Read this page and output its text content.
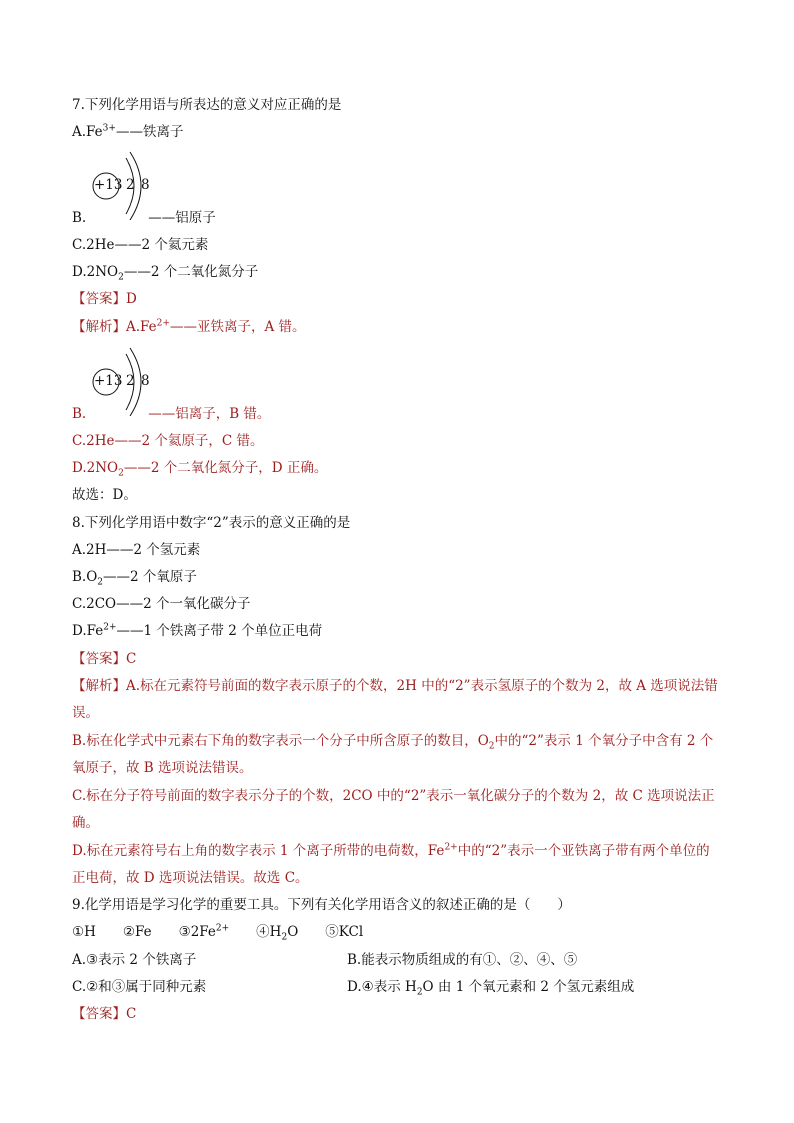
7.下列化学用语与所表达的意义对应正确的是
$A.Fe^{3+}——$铁离子
+13 2 8
B.	——铝原子
C.2He——2 个氦元素
$D.2NO_2——2$ 个二氧化氮分子
【答案】D
【解析】$A.Fe^{2+}——$亚铁离子，A 错。
+13 2 8
B.	——铝离子，B 错。
C.2He——2 个氦原子，C 错。
$D.2NO_2——2$ 个二氧化氮分子，D 正确。
故选：D。
8.下列化学用语中数字“2”表示的意义正确的是
A.2H——2 个氢元素
$B.O_2——2$ 个氧原子
C.2CO——2 个一氧化碳分子
$D.Fe^{2+}——1$ 个铁离子带 2 个单位正电荷
【答案】C
【解析】A.标在元素符号前面的数字表示原子的个数，2H 中的“2”表示氢原子的个数为 2，故 A 选项说法错误。
B.标在化学式中元素右下角的数字表示一个分子中所含原子的数目，$O_2$中的“2”表示 1 个氧分子中含有 2 个氧原子，故 B 选项说法错误。
C.标在分子符号前面的数字表示分子的个数，2CO 中的“2”表示一氧化碳分子的个数为 2，故 C 选项说法正确。
D.标在元素符号右上角的数字表示 1 个离子所带的电荷数，$Fe^{2+}$中的“2”表示一个亚铁离子带有两个单位的正电荷，故 D 选项说法错误。故选 C。
9.化学用语是学习化学的重要工具。下列有关化学用语含义的叙述正确的是（　　）
①H　　②Fe　　$③2Fe^{2+}$　　$④H_2O$　　⑤KCl
A.③表示 2 个铁离子	B.能表示物质组成的有①、②、④、⑤
C.②和③属于同种元素	D.④表示 $H_2O$ 由 1 个氧元素和 2 个氢元素组成
【答案】C
